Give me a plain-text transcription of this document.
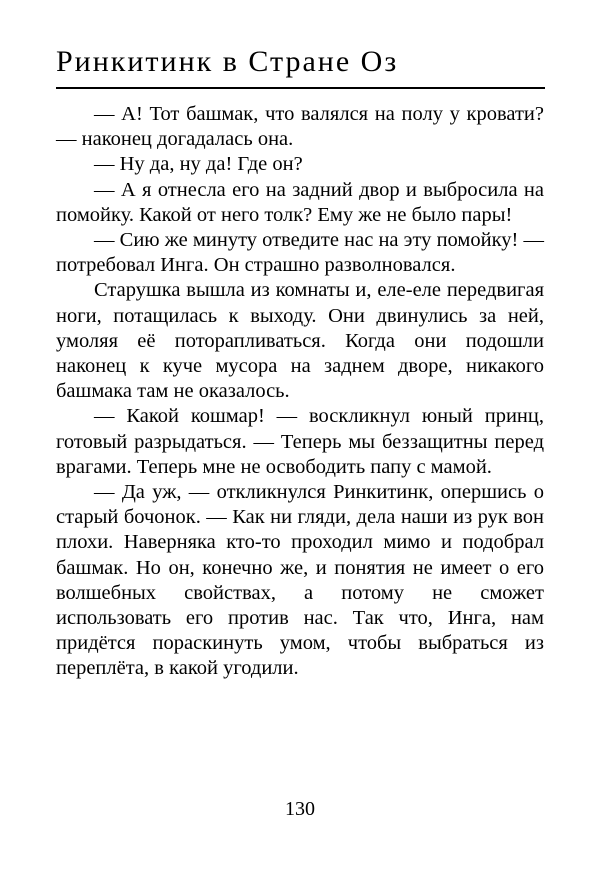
Ринкитинк в Стране Оз

— А! Тот башмак, что валялся на полу у кровати? — наконец догадалась она.

— Ну да, ну да! Где он?

— А я отнесла его на задний двор и выбросила на помойку. Какой от него толк? Ему же не было пары!

— Сию же минуту отведите нас на эту помойку! — потребовал Инга. Он страшно разволновался.

Старушка вышла из комнаты и, еле-еле передвигая ноги, потащилась к выходу. Они двинулись за ней, умоляя её поторапливаться. Когда они подошли наконец к куче мусора на заднем дворе, никакого башмака там не оказалось.

— Какой кошмар! — воскликнул юный принц, готовый разрыдаться. — Теперь мы беззащитны перед врагами. Теперь мне не освободить папу с мамой.

— Да уж, — откликнулся Ринкитинк, опершись о старый бочонок. — Как ни гляди, дела наши из рук вон плохи. Наверняка кто-то проходил мимо и подобрал башмак. Но он, конечно же, и понятия не имеет о его волшебных свойствах, а потому не сможет использовать его против нас. Так что, Инга, нам придётся пораскинуть умом, чтобы выбраться из переплёта, в какой угодили.

130
